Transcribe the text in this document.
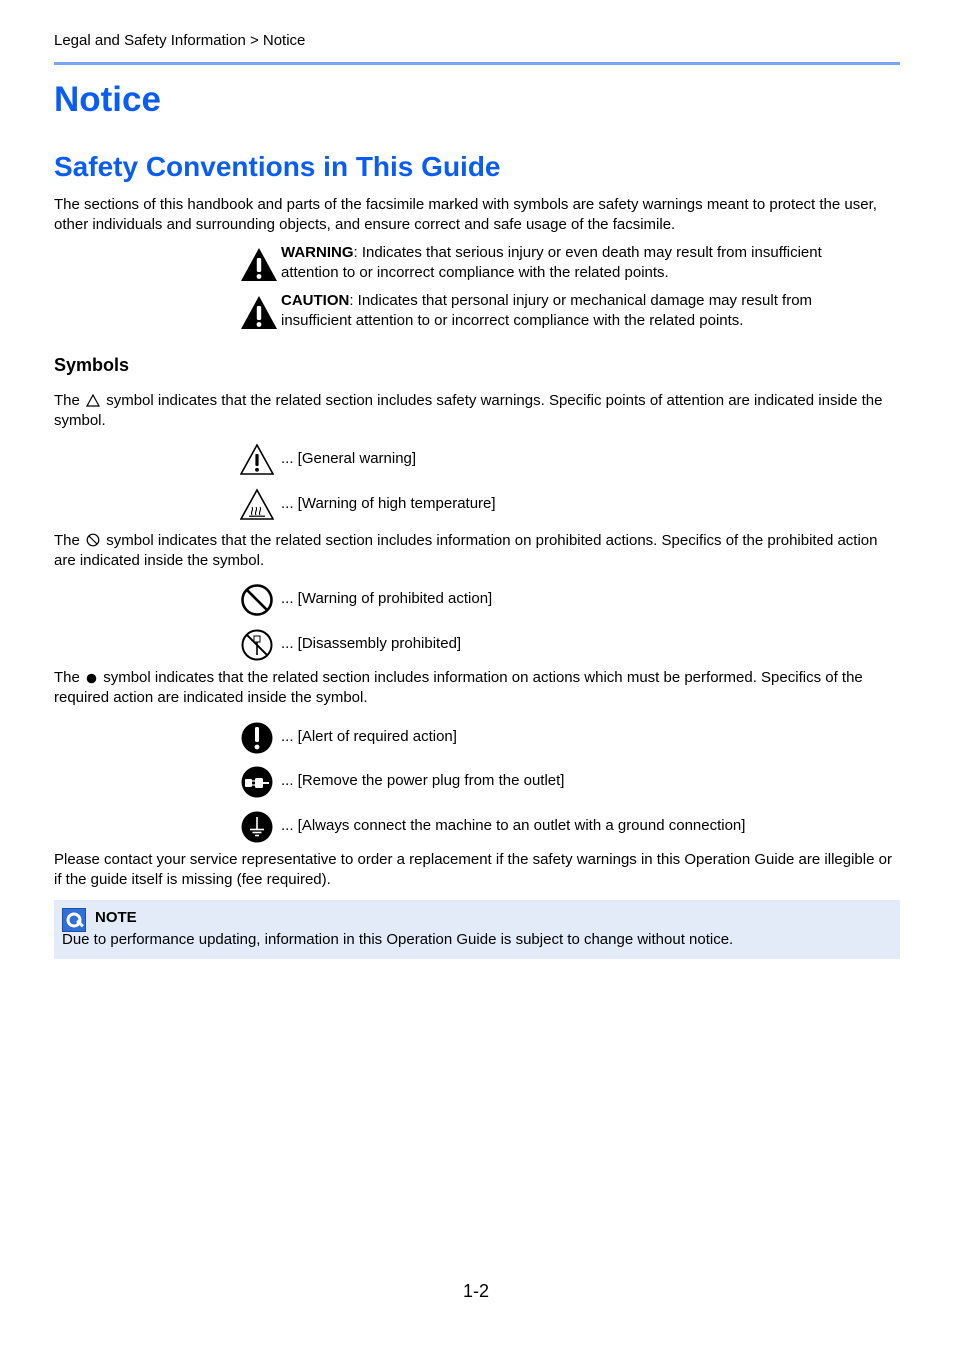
Legal and Safety Information > Notice
Notice
Safety Conventions in This Guide

The sections of this handbook and parts of the facsimile marked with symbols are safety warnings meant to protect the user, other individuals and surrounding objects, and ensure correct and safe usage of the facsimile.

WARNING: Indicates that serious injury or even death may result from insufficient attention to or incorrect compliance with the related points.
CAUTION: Indicates that personal injury or mechanical damage may result from insufficient attention to or incorrect compliance with the related points.
Symbols

The symbol indicates that the related section includes safety warnings. Specific points of attention are indicated inside the symbol.

... [General warning]
... [Warning of high temperature]

The symbol indicates that the related section includes information on prohibited actions. Specifics of the prohibited action are indicated inside the symbol.

... [Warning of prohibited action]
... [Disassembly prohibited]

The symbol indicates that the related section includes information on actions which must be performed. Specifics of the required action are indicated inside the symbol.

... [Alert of required action]
... [Remove the power plug from the outlet]
... [Always connect the machine to an outlet with a ground connection]

Please contact your service representative to order a replacement if the safety warnings in this Operation Guide are illegible or if the guide itself is missing (fee required).

NOTE
Due to performance updating, information in this Operation Guide is subject to change without notice.
1-2
